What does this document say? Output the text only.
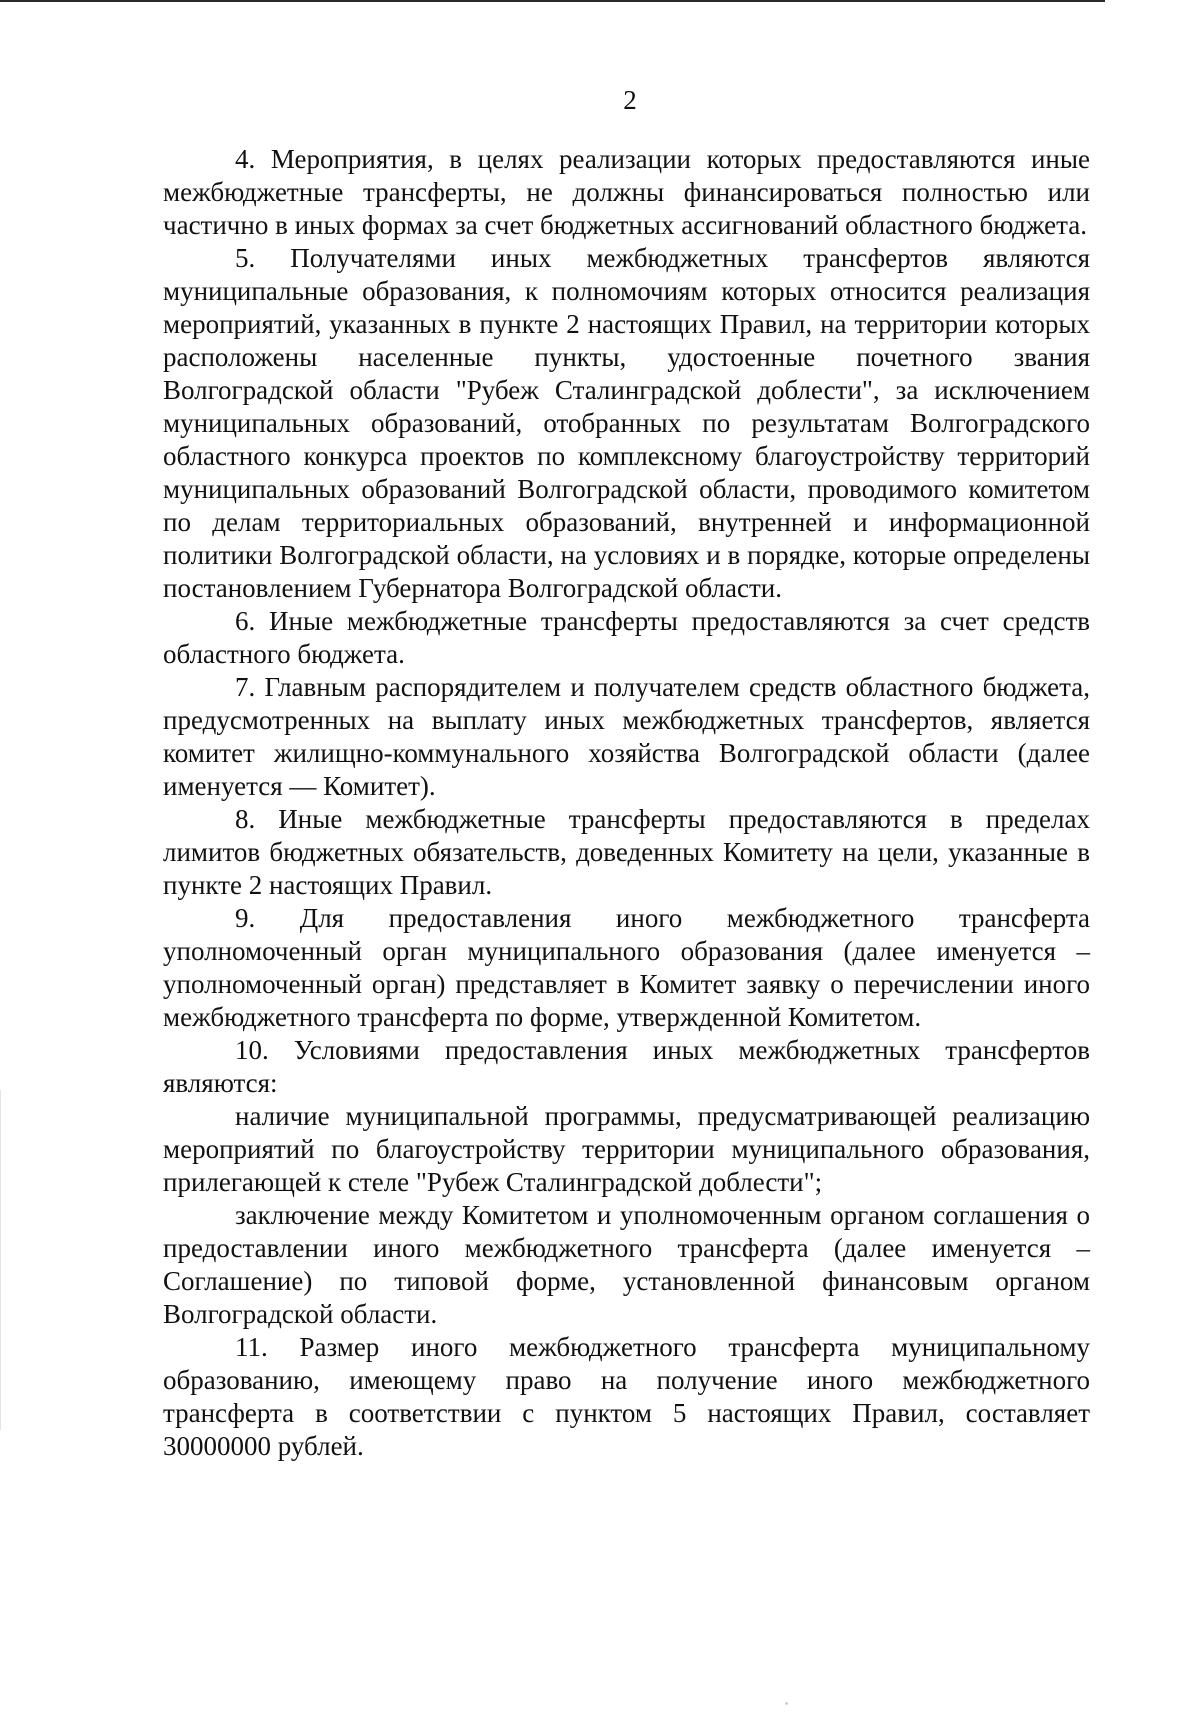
2

4. Мероприятия, в целях реализации которых предоставляются иные межбюджетные трансферты, не должны финансироваться полностью или частично в иных формах за счет бюджетных ассигнований областного бюджета.

5. Получателями иных межбюджетных трансфертов являются муниципальные образования, к полномочиям которых относится реализация мероприятий, указанных в пункте 2 настоящих Правил, на территории которых расположены населенные пункты, удостоенные почетного звания Волгоградской области "Рубеж Сталинградской доблести", за исключением муниципальных образований, отобранных по результатам Волгоградского областного конкурса проектов по комплексному благоустройству территорий муниципальных образований Волгоградской области, проводимого комитетом по делам территориальных образований, внутренней и информационной политики Волгоградской области, на условиях и в порядке, которые определены постановлением Губернатора Волгоградской области.

6. Иные межбюджетные трансферты предоставляются за счет средств областного бюджета.

7. Главным распорядителем и получателем средств областного бюджета, предусмотренных на выплату иных межбюджетных трансфертов, является комитет жилищно-коммунального хозяйства Волгоградской области (далее именуется — Комитет).

8. Иные межбюджетные трансферты предоставляются в пределах лимитов бюджетных обязательств, доведенных Комитету на цели, указанные в пункте 2 настоящих Правил.

9. Для предоставления иного межбюджетного трансферта уполномоченный орган муниципального образования (далее именуется – уполномоченный орган) представляет в Комитет заявку о перечислении иного межбюджетного трансферта по форме, утвержденной Комитетом.

10. Условиями предоставления иных межбюджетных трансфертов являются:

наличие муниципальной программы, предусматривающей реализацию мероприятий по благоустройству территории муниципального образования, прилегающей к стеле "Рубеж Сталинградской доблести";

заключение между Комитетом и уполномоченным органом соглашения о предоставлении иного межбюджетного трансферта (далее именуется – Соглашение) по типовой форме, установленной финансовым органом Волгоградской области.

11. Размер иного межбюджетного трансферта муниципальному образованию, имеющему право на получение иного межбюджетного трансферта в соответствии с пунктом 5 настоящих Правил, составляет 30000000 рублей.
